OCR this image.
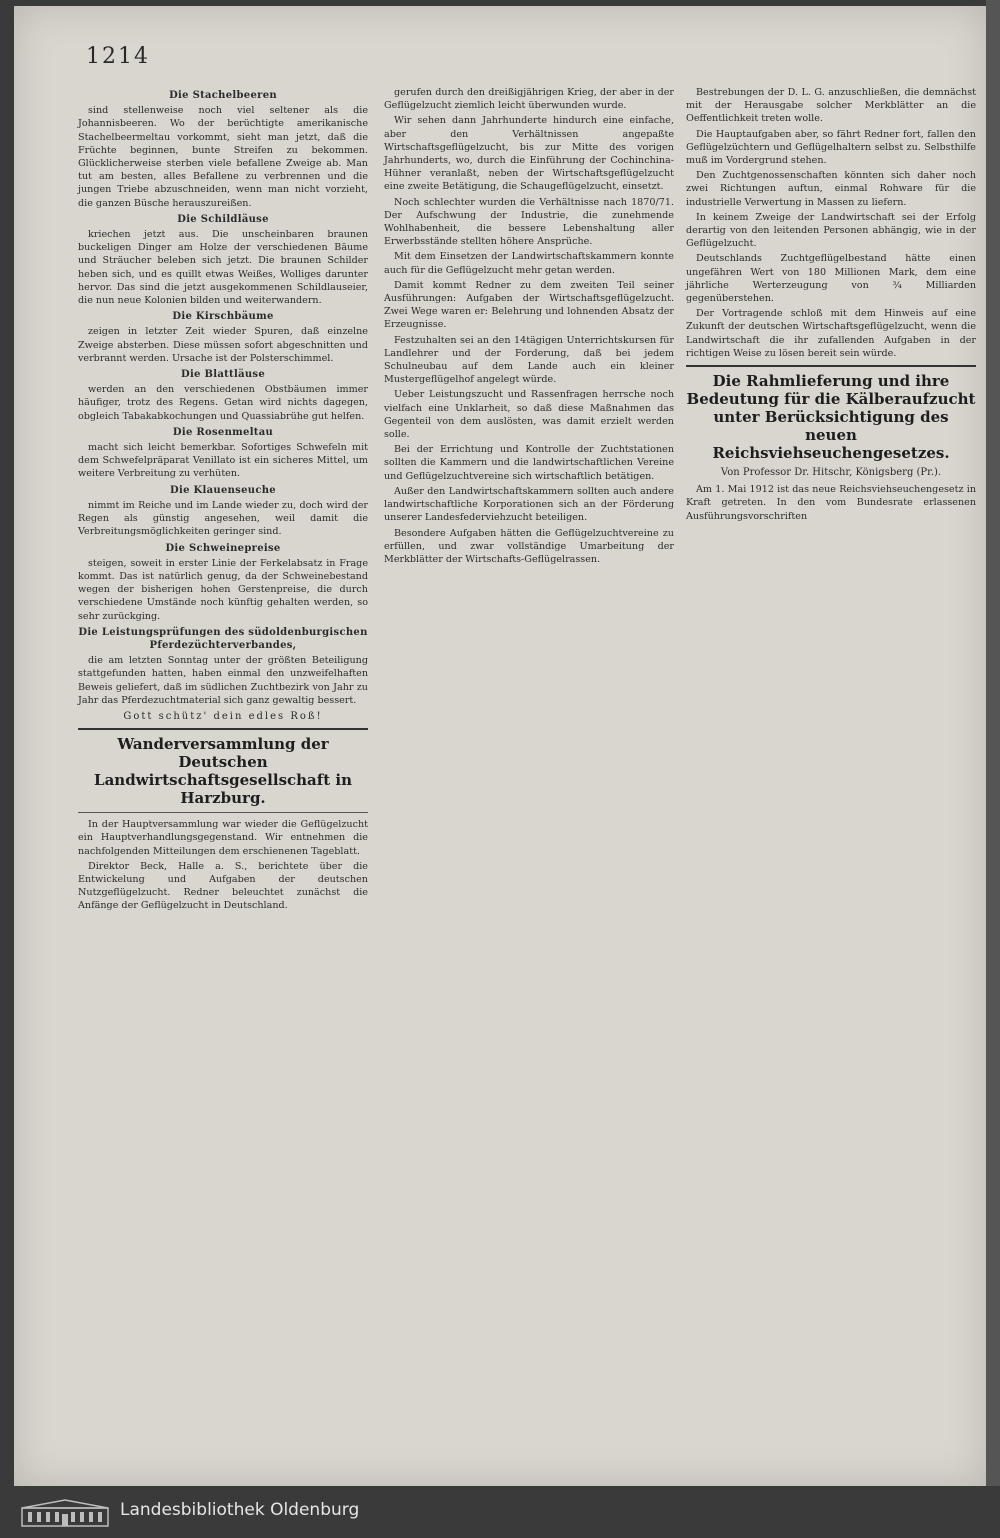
1214
Die Stachelbeeren

sind stellenweise noch viel seltener als die Johannisbeeren. Wo der berüchtigte amerikanische Stachelbeermeltau vorkommt, sieht man jetzt, daß die Früchte beginnen, bunte Streifen zu bekommen. Glücklicherweise sterben viele befallene Zweige ab. Man tut am besten, alles Befallene zu verbrennen und die jungen Triebe abzuschneiden, wenn man nicht vorzieht, die ganzen Büsche herauszureißen.

Die Schildläuse

kriechen jetzt aus. Die unscheinbaren braunen buckeligen Dinger am Holze der verschiedenen Bäume und Sträucher beleben sich jetzt. Die braunen Schilder heben sich, und es quillt etwas Weißes, Wolliges darunter hervor. Das sind die jetzt ausgekommenen Schildlauseier, die nun neue Kolonien bilden und weiterwandern.

Die Kirschbäume

zeigen in letzter Zeit wieder Spuren, daß einzelne Zweige absterben. Diese müssen sofort abgeschnitten und verbrannt werden. Ursache ist der Polsterschimmel.

Die Blattläuse

werden an den verschiedenen Obstbäumen immer häufiger, trotz des Regens. Getan wird nichts dagegen, obgleich Tabakabkochungen und Quassiabrühe gut helfen.

Die Rosenmeltau

macht sich leicht bemerkbar. Sofortiges Schwefeln mit dem Schwefelpräparat Venillato ist ein sicheres Mittel, um weitere Verbreitung zu verhüten.

Die Klauenseuche

nimmt im Reiche und im Lande wieder zu, doch wird der Regen als günstig angesehen, weil damit die Verbreitungsmöglichkeiten geringer sind.

Die Schweinepreise

steigen, soweit in erster Linie der Ferkelabsatz in Frage kommt. Das ist natürlich genug, da der Schweinebestand wegen der bisherigen hohen Gerstenpreise, die durch verschiedene Umstände noch künftig gehalten werden, so sehr zurückging.

Die Leistungsprüfungen des südoldenburgischen Pferdezüchterverbandes,

die am letzten Sonntag unter der größten Beteiligung stattgefunden hatten, haben einmal den unzweifelhaften Beweis geliefert, daß im südlichen Zuchtbezirk von Jahr zu Jahr das Pferdezuchtmaterial sich ganz gewaltig bessert.

Gott schütz' dein edles Roß!
Wanderversammlung der Deutschen Landwirtschaftsgesellschaft in Harzburg.

In der Hauptversammlung war wieder die Geflügelzucht ein Hauptverhandlungsgegenstand. Wir entnehmen die nachfolgenden Mitteilungen dem erschienenen Tageblatt.

Direktor Beck, Halle a. S., berichtete über die Entwickelung und Aufgaben der deutschen Nutzgeflügelzucht. Redner beleuchtet zunächst die Anfänge der Geflügelzucht in Deutschland.

gerufen durch den dreißigjährigen Krieg, der aber in der Geflügelzucht ziemlich leicht überwunden wurde.

Wir sehen dann Jahrhunderte hindurch eine einfache, aber den Verhältnissen angepaßte Wirtschaftsgeflügelzucht, bis zur Mitte des vorigen Jahrhunderts, wo, durch die Einführung der Cochinchina-Hühner veranlaßt, neben der Wirtschaftsgeflügelzucht eine zweite Betätigung, die Schaugeflügelzucht, einsetzt.

Noch schlechter wurden die Verhältnisse nach 1870/71. Der Aufschwung der Industrie, die zunehmende Wohlhabenheit, die bessere Lebenshaltung aller Erwerbsstände stellten höhere Ansprüche.

Mit dem Einsetzen der Landwirtschaftskammern konnte auch für die Geflügelzucht mehr getan werden.

Damit kommt Redner zu dem zweiten Teil seiner Ausführungen: Aufgaben der Wirtschaftsgeflügelzucht. Zwei Wege waren er: Belehrung und lohnenden Absatz der Erzeugnisse.

Festzuhalten sei an den 14tägigen Unterrichtskursen für Landlehrer und der Forderung, daß bei jedem Schulneubau auf dem Lande auch ein kleiner Mustergeflügelhof angelegt würde.

Ueber Leistungszucht und Rassenfragen herrsche noch vielfach eine Unklarheit, so daß diese Maßnahmen das Gegenteil von dem auslösten, was damit erzielt werden solle.

Bei der Errichtung und Kontrolle der Zuchtstationen sollten die Kammern und die landwirtschaftlichen Vereine und Geflügelzuchtvereine sich wirtschaftlich betätigen.

Außer den Landwirtschaftskammern sollten auch andere landwirtschaftliche Korporationen sich an der Förderung unserer Landesfederviehzucht beteiligen.

Besondere Aufgaben hätten die Geflügelzuchtvereine zu erfüllen, und zwar vollständige Umarbeitung der Merkblätter der Wirtschafts-Geflügelrassen.

Bestrebungen der D. L. G. anzuschließen, die demnächst mit der Herausgabe solcher Merkblätter an die Oeffentlichkeit treten wolle.

Die Hauptaufgaben aber, so fährt Redner fort, fallen den Geflügelzüchtern und Geflügelhaltern selbst zu. Selbsthilfe muß im Vordergrund stehen.

Den Zuchtgenossenschaften könnten sich daher noch zwei Richtungen auftun, einmal Rohware für die industrielle Verwertung in Massen zu liefern.

In keinem Zweige der Landwirtschaft sei der Erfolg derartig von den leitenden Personen abhängig, wie in der Geflügelzucht.

Deutschlands Zuchtgeflügelbestand hätte einen ungefähren Wert von 180 Millionen Mark, dem eine jährliche Werterzeugung von ¾ Milliarden gegenüberstehen.

Der Vortragende schloß mit dem Hinweis auf eine Zukunft der deutschen Wirtschaftsgeflügelzucht, wenn die Landwirtschaft die ihr zufallenden Aufgaben in der richtigen Weise zu lösen bereit sein würde.

Die Rahmlieferung und ihre Bedeutung für die Kälberaufzucht unter Berücksichtigung des neuen Reichsviehseuchengesetzes.
Von Professor Dr. Hitschr, Königsberg (Pr.).

Am 1. Mai 1912 ist das neue Reichsviehseuchengesetz in Kraft getreten. In den vom Bundesrate erlassenen Ausführungsvorschriften

Landesbibliothek Oldenburg
